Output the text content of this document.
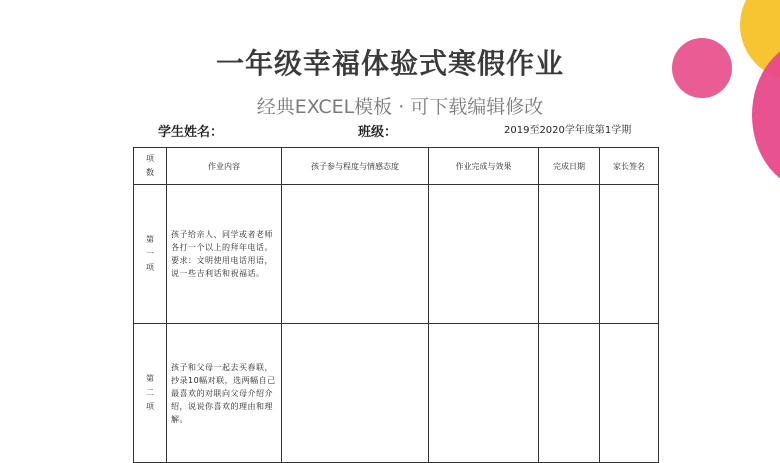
一年级幸福体验式寒假作业
经典EXCEL模板 · 可下载编辑修改
学生姓名：	班级：	2019至2020学年度第1学期
项
数	作业内容	孩子参与程度与情感态度	作业完成与效果	完成日期	家长签名
第
一
项	孩子给亲人、同学或者老师各打一个以上的拜年电话。要求：文明使用电话用语，说一些吉利话和祝福话。				
第
二
项	孩子和父母一起去买春联，抄录10幅对联，选两幅自己最喜欢的对联向父母介绍介绍，说说你喜欢的理由和理解。				
